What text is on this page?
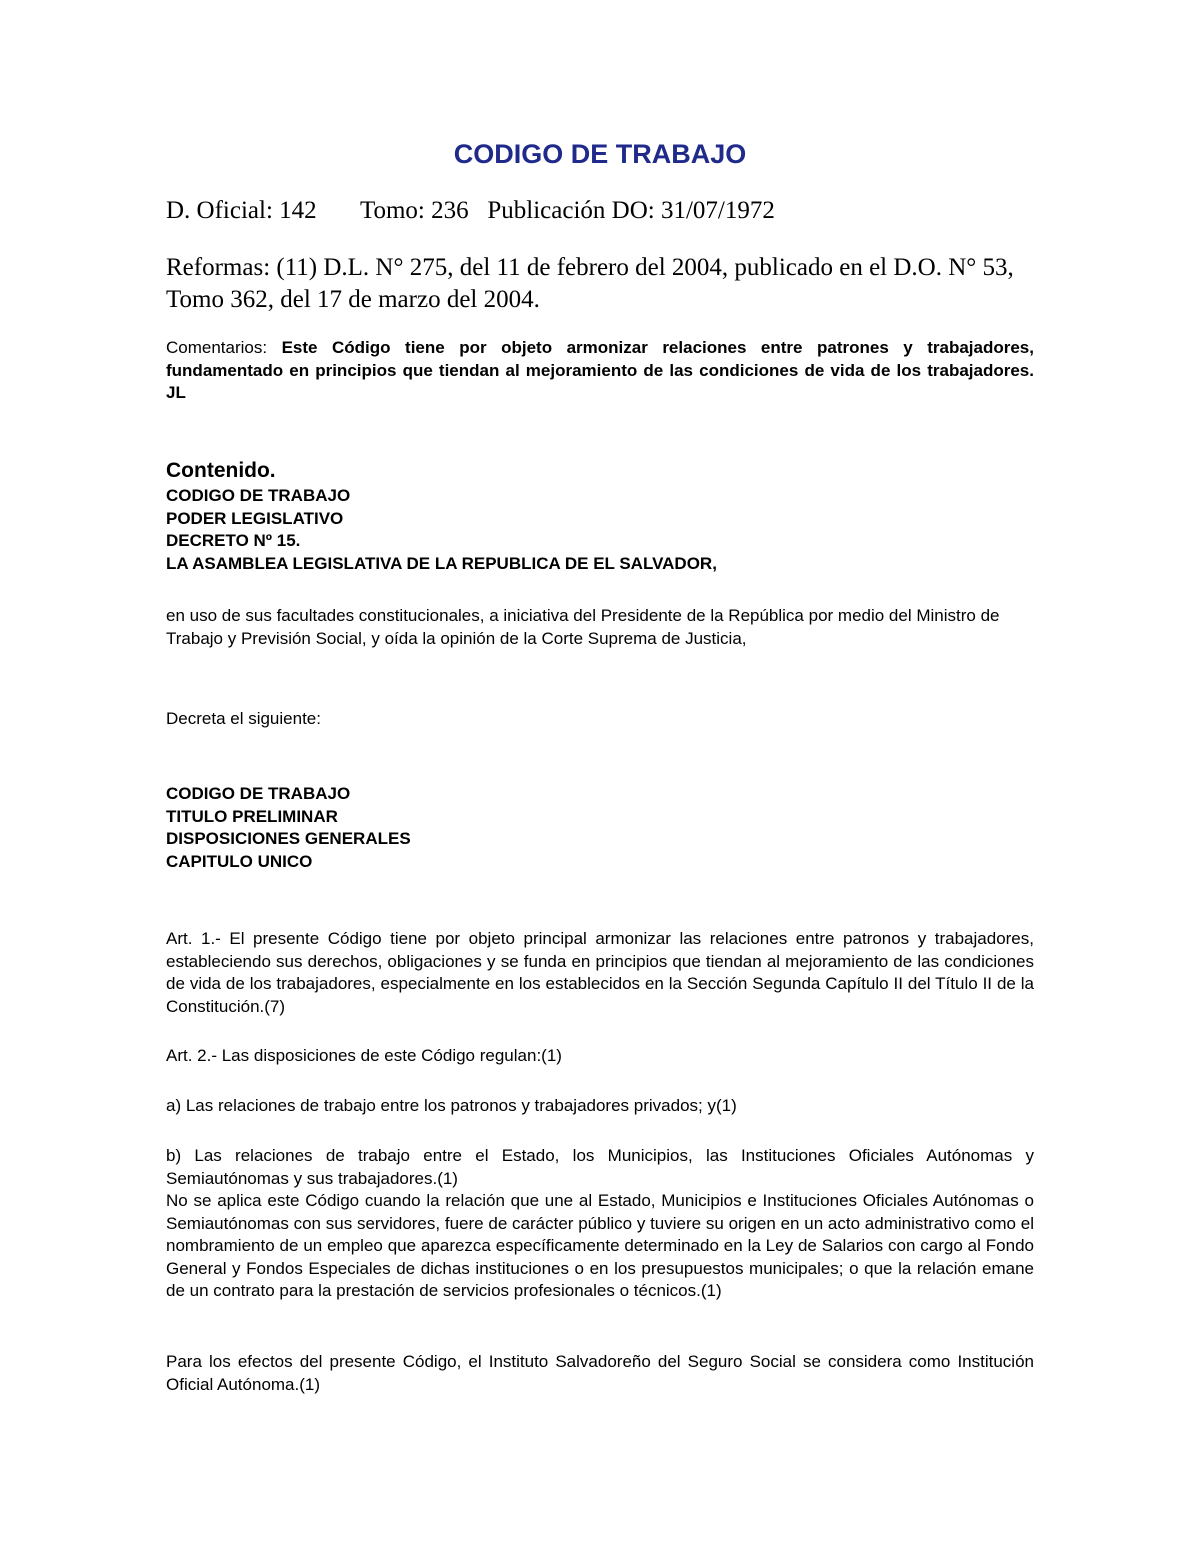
CODIGO DE TRABAJO
D. Oficial: 142       Tomo: 236   Publicación DO: 31/07/1972
Reformas: (11) D.L. N° 275, del 11 de febrero del 2004, publicado en el D.O. N° 53, Tomo 362, del 17 de marzo del 2004.
Comentarios: Este Código tiene por objeto armonizar relaciones entre patrones y trabajadores, fundamentado en principios que tiendan al mejoramiento de las condiciones de vida de los trabajadores. JL
Contenido.
CODIGO DE TRABAJO
PODER LEGISLATIVO
DECRETO Nº 15.
LA ASAMBLEA LEGISLATIVA DE LA REPUBLICA DE EL SALVADOR,

en uso de sus facultades constitucionales, a iniciativa del Presidente de la República por medio del Ministro de Trabajo y Previsión Social, y oída la opinión de la Corte Suprema de Justicia,

Decreta el siguiente:

CODIGO DE TRABAJO
TITULO PRELIMINAR
DISPOSICIONES GENERALES
CAPITULO UNICO

Art. 1.- El presente Código tiene por objeto principal armonizar las relaciones entre patronos y trabajadores, estableciendo sus derechos, obligaciones y se funda en principios que tiendan al mejoramiento de las condiciones de vida de los trabajadores, especialmente en los establecidos en la Sección Segunda Capítulo II del Título II de la Constitución.(7)

Art. 2.- Las disposiciones de este Código regulan:(1)

a) Las relaciones de trabajo entre los patronos y trabajadores privados; y(1)

b) Las relaciones de trabajo entre el Estado, los Municipios, las Instituciones Oficiales Autónomas y Semiautónomas y sus trabajadores.(1)

No se aplica este Código cuando la relación que une al Estado, Municipios e Instituciones Oficiales Autónomas o Semiautónomas con sus servidores, fuere de carácter público y tuviere su origen en un acto administrativo como el nombramiento de un empleo que aparezca específicamente determinado en la Ley de Salarios con cargo al Fondo General y Fondos Especiales de dichas instituciones o en los presupuestos municipales; o que la relación emane de un contrato para la prestación de servicios profesionales o técnicos.(1)

Para los efectos del presente Código, el Instituto Salvadoreño del Seguro Social se considera como Institución Oficial Autónoma.(1)
